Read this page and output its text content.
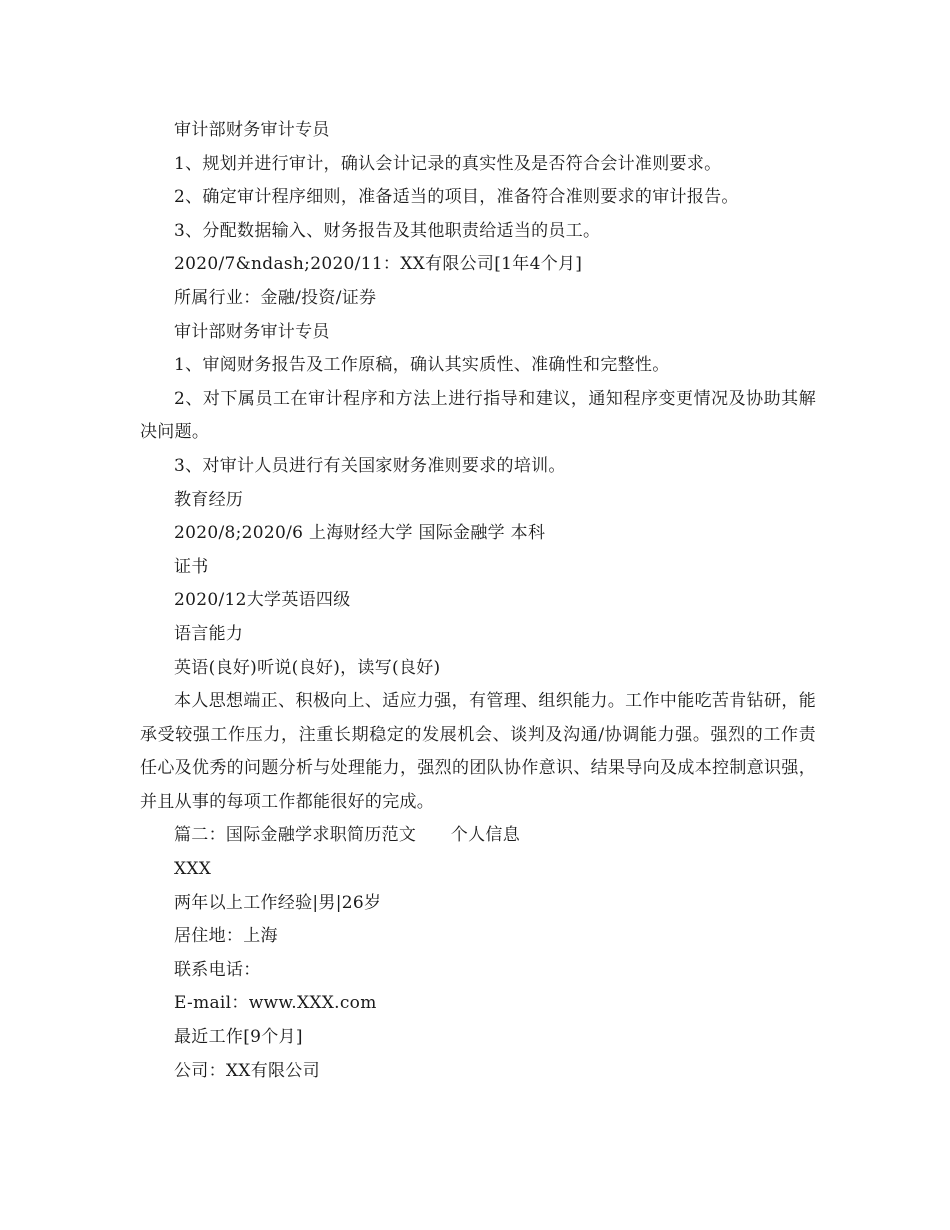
审计部财务审计专员
1、规划并进行审计，确认会计记录的真实性及是否符合会计准则要求。
2、确定审计程序细则，准备适当的项目，准备符合准则要求的审计报告。
3、分配数据输入、财务报告及其他职责给适当的员工。
2020/7&ndash;2020/11：XX有限公司[1年4个月]
所属行业：金融/投资/证券
审计部财务审计专员
1、审阅财务报告及工作原稿，确认其实质性、准确性和完整性。
2、对下属员工在审计程序和方法上进行指导和建议，通知程序变更情况及协助其解决问题。
3、对审计人员进行有关国家财务准则要求的培训。
教育经历
2020/8;2020/6 上海财经大学 国际金融学 本科
证书
2020/12大学英语四级
语言能力
英语(良好)听说(良好)，读写(良好)
本人思想端正、积极向上、适应力强，有管理、组织能力。工作中能吃苦肯钻研，能承受较强工作压力，注重长期稳定的发展机会、谈判及沟通/协调能力强。强烈的工作责任心及优秀的问题分析与处理能力，强烈的团队协作意识、结果导向及成本控制意识强，并且从事的每项工作都能很好的完成。
篇二：国际金融学求职简历范文　　个人信息
XXX
两年以上工作经验|男|26岁
居住地：上海
联系电话：
E-mail：www.XXX.com
最近工作[9个月]
公司：XX有限公司
